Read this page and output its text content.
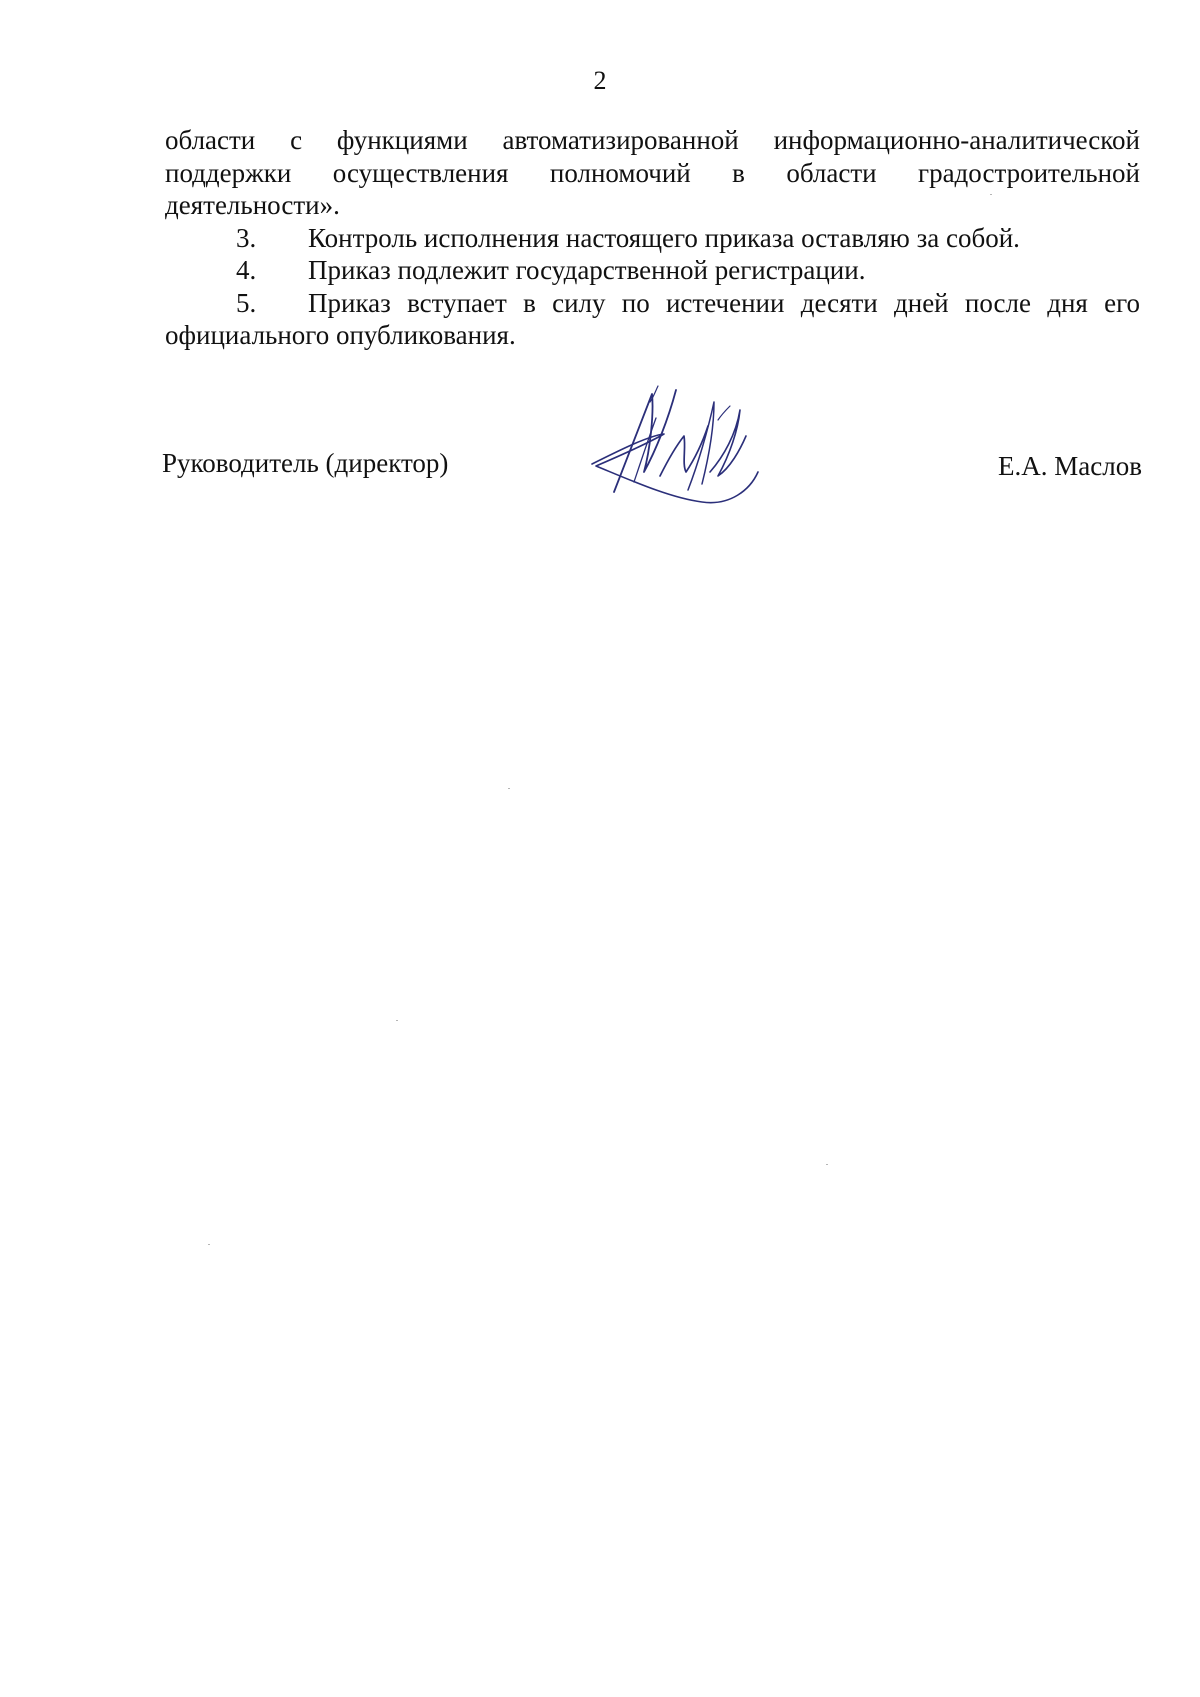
2

области с функциями автоматизированной информационно-аналитической поддержки осуществления полномочий в области градостроительной деятельности».

3. Контроль исполнения настоящего приказа оставляю за собой.

4. Приказ подлежит государственной регистрации.

5. Приказ вступает в силу по истечении десяти дней после дня его официального опубликования.

Руководитель (директор)	Е.А. Маслов
